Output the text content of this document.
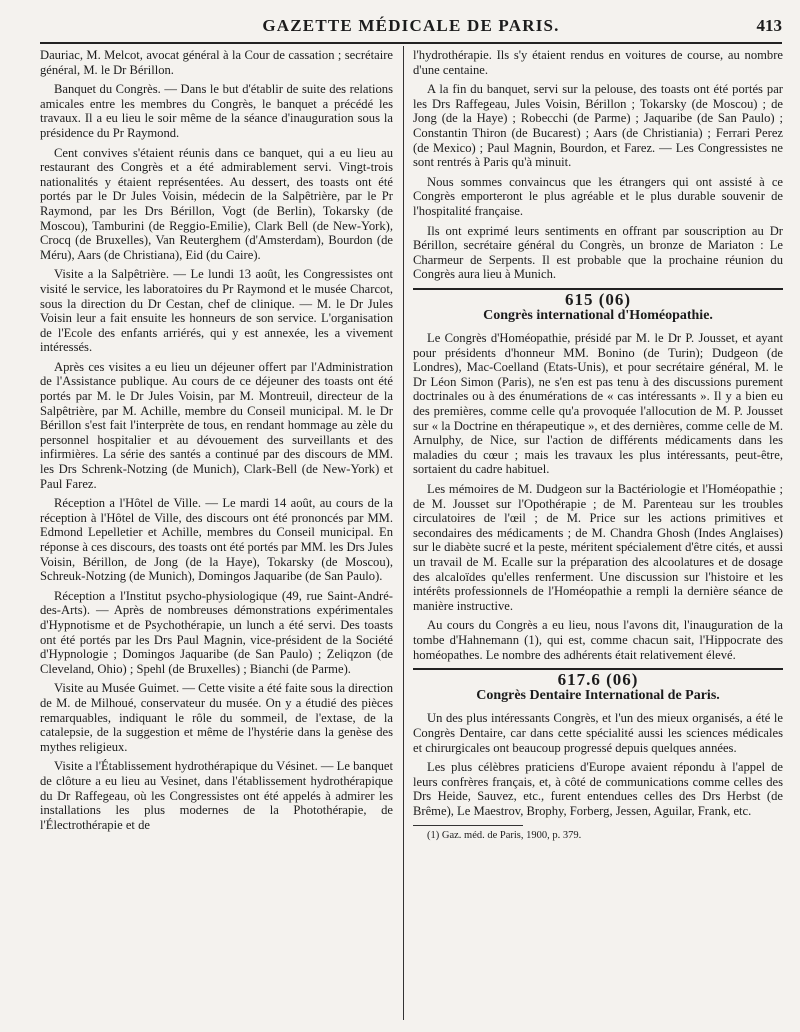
GAZETTE MÉDICALE DE PARIS.	413

Dauriac, M. Melcot, avocat général à la Cour de cassation ; secrétaire général, M. le Dr Bérillon.

Banquet du Congrès. — Dans le but d'établir de suite des relations amicales entre les membres du Congrès, le banquet a précédé les travaux. Il a eu lieu le soir même de la séance d'inauguration sous la présidence du Pr Raymond.

Cent convives s'étaient réunis dans ce banquet, qui a eu lieu au restaurant des Congrès et a été admirablement servi. Vingt-trois nationalités y étaient représentées. Au dessert, des toasts ont été portés par le Dr Jules Voisin, médecin de la Salpêtrière, par le Pr Raymond, par les Drs Bérillon, Vogt (de Berlin), Tokarsky (de Moscou), Tamburini (de Reggio-Emilie), Clark Bell (de New-York), Crocq (de Bruxelles), Van Reuterghem (d'Amsterdam), Bourdon (de Méru), Aars (de Christiana), Eid (du Caire).

Visite a la Salpêtrière. — Le lundi 13 août, les Congressistes ont visité le service, les laboratoires du Pr Raymond et le musée Charcot, sous la direction du Dr Cestan, chef de clinique. — M. le Dr Jules Voisin leur a fait ensuite les honneurs de son service. L'organisation de l'Ecole des enfants arriérés, qui y est annexée, les a vivement intéressés.

Après ces visites a eu lieu un déjeuner offert par l'Administration de l'Assistance publique. Au cours de ce déjeuner des toasts ont été portés par M. le Dr Jules Voisin, par M. Montreuil, directeur de la Salpêtrière, par M. Achille, membre du Conseil municipal. M. le Dr Bérillon s'est fait l'interprète de tous, en rendant hommage au zèle du personnel hospitalier et au dévouement des surveillants et des infirmières. La série des santés a continué par des discours de MM. les Drs Schrenk-Notzing (de Munich), Clark-Bell (de New-York) et Paul Farez.

Réception a l'Hôtel de Ville. — Le mardi 14 août, au cours de la réception à l'Hôtel de Ville, des discours ont été prononcés par MM. Edmond Lepelletier et Achille, membres du Conseil municipal. En réponse à ces discours, des toasts ont été portés par MM. les Drs Jules Voisin, Bérillon, de Jong (de la Haye), Tokarsky (de Moscou), Schreuk-Notzing (de Munich), Domingos Jaquaribe (de San Paulo).

Réception a l'Institut psycho-physiologique (49, rue Saint-André-des-Arts). — Après de nombreuses démonstrations expérimentales d'Hypnotisme et de Psychothérapie, un lunch a été servi. Des toasts ont été portés par les Drs Paul Magnin, vice-président de la Société d'Hypnologie ; Domingos Jaquaribe (de San Paulo) ; Zeliqzon (de Cleveland, Ohio) ; Spehl (de Bruxelles) ; Bianchi (de Parme).

Visite au Musée Guimet. — Cette visite a été faite sous la direction de M. de Milhoué, conservateur du musée. On y a étudié des pièces remarquables, indiquant le rôle du sommeil, de l'extase, de la catalepsie, de la suggestion et même de l'hystérie dans la genèse des mythes religieux.

Visite a l'Établissement hydrothérapique du Vésinet. — Le banquet de clôture a eu lieu au Vesinet, dans l'établissement hydrothérapique du Dr Raffegeau, où les Congressistes ont été appelés à admirer les installations les plus modernes de la Photothérapie, de l'Électrothérapie et de

l'hydrothérapie. Ils s'y étaient rendus en voitures de course, au nombre d'une centaine.

A la fin du banquet, servi sur la pelouse, des toasts ont été portés par les Drs Raffegeau, Jules Voisin, Bérillon ; Tokarsky (de Moscou) ; de Jong (de la Haye) ; Robecchi (de Parme) ; Jaquaribe (de San Paulo) ; Constantin Thiron (de Bucarest) ; Aars (de Christiania) ; Ferrari Perez (de Mexico) ; Paul Magnin, Bourdon, et Farez. — Les Congressistes ne sont rentrés à Paris qu'à minuit.

Nous sommes convaincus que les étrangers qui ont assisté à ce Congrès emporteront le plus agréable et le plus durable souvenir de l'hospitalité française.

Ils ont exprimé leurs sentiments en offrant par souscription au Dr Bérillon, secrétaire général du Congrès, un bronze de Mariaton : Le Charmeur de Serpents. Il est probable que la prochaine réunion du Congrès aura lieu à Munich.

615 (06)
Congrès international d'Homéopathie.

Le Congrès d'Homéopathie, présidé par M. le Dr P. Jousset, et ayant pour présidents d'honneur MM. Bonino (de Turin); Dudgeon (de Londres), Mac-Coelland (Etats-Unis), et pour secrétaire général, M. le Dr Léon Simon (Paris), ne s'en est pas tenu à des discussions purement doctrinales ou à des énumérations de « cas intéressants ». Il y a bien eu des premières, comme celle qu'a provoquée l'allocution de M. P. Jousset sur « la Doctrine en thérapeutique », et des dernières, comme celle de M. Arnulphy, de Nice, sur l'action de différents médicaments dans les maladies du cœur ; mais les travaux les plus intéressants, peut-être, sortaient du cadre habituel.

Les mémoires de M. Dudgeon sur la Bactériologie et l'Homéopathie ; de M. Jousset sur l'Opothérapie ; de M. Parenteau sur les troubles circulatoires de l'œil ; de M. Price sur les actions primitives et secondaires des médicaments ; de M. Chandra Ghosh (Indes Anglaises) sur le diabète sucré et la peste, méritent spécialement d'être cités, et aussi un travail de M. Ecalle sur la préparation des alcoolatures et de dosage des alcaloïdes qu'elles renferment. Une discussion sur l'histoire et les intérêts professionnels de l'Homéopathie a rempli la dernière séance de manière instructive.

Au cours du Congrès a eu lieu, nous l'avons dit, l'inauguration de la tombe d'Hahnemann (1), qui est, comme chacun sait, l'Hippocrate des homéopathes. Le nombre des adhérents était relativement élevé.

617.6 (06)
Congrès Dentaire International de Paris.

Un des plus intéressants Congrès, et l'un des mieux organisés, a été le Congrès Dentaire, car dans cette spécialité aussi les sciences médicales et chirurgicales ont beaucoup progressé depuis quelques années.

Les plus célèbres praticiens d'Europe avaient répondu à l'appel de leurs confrères français, et, à côté de communications comme celles des Drs Heide, Sauvez, etc., furent entendues celles des Drs Herbst (de Brême), Le Maestrov, Brophy, Forberg, Jessen, Aguilar, Frank, etc.

(1) Gaz. méd. de Paris, 1900, p. 379.
